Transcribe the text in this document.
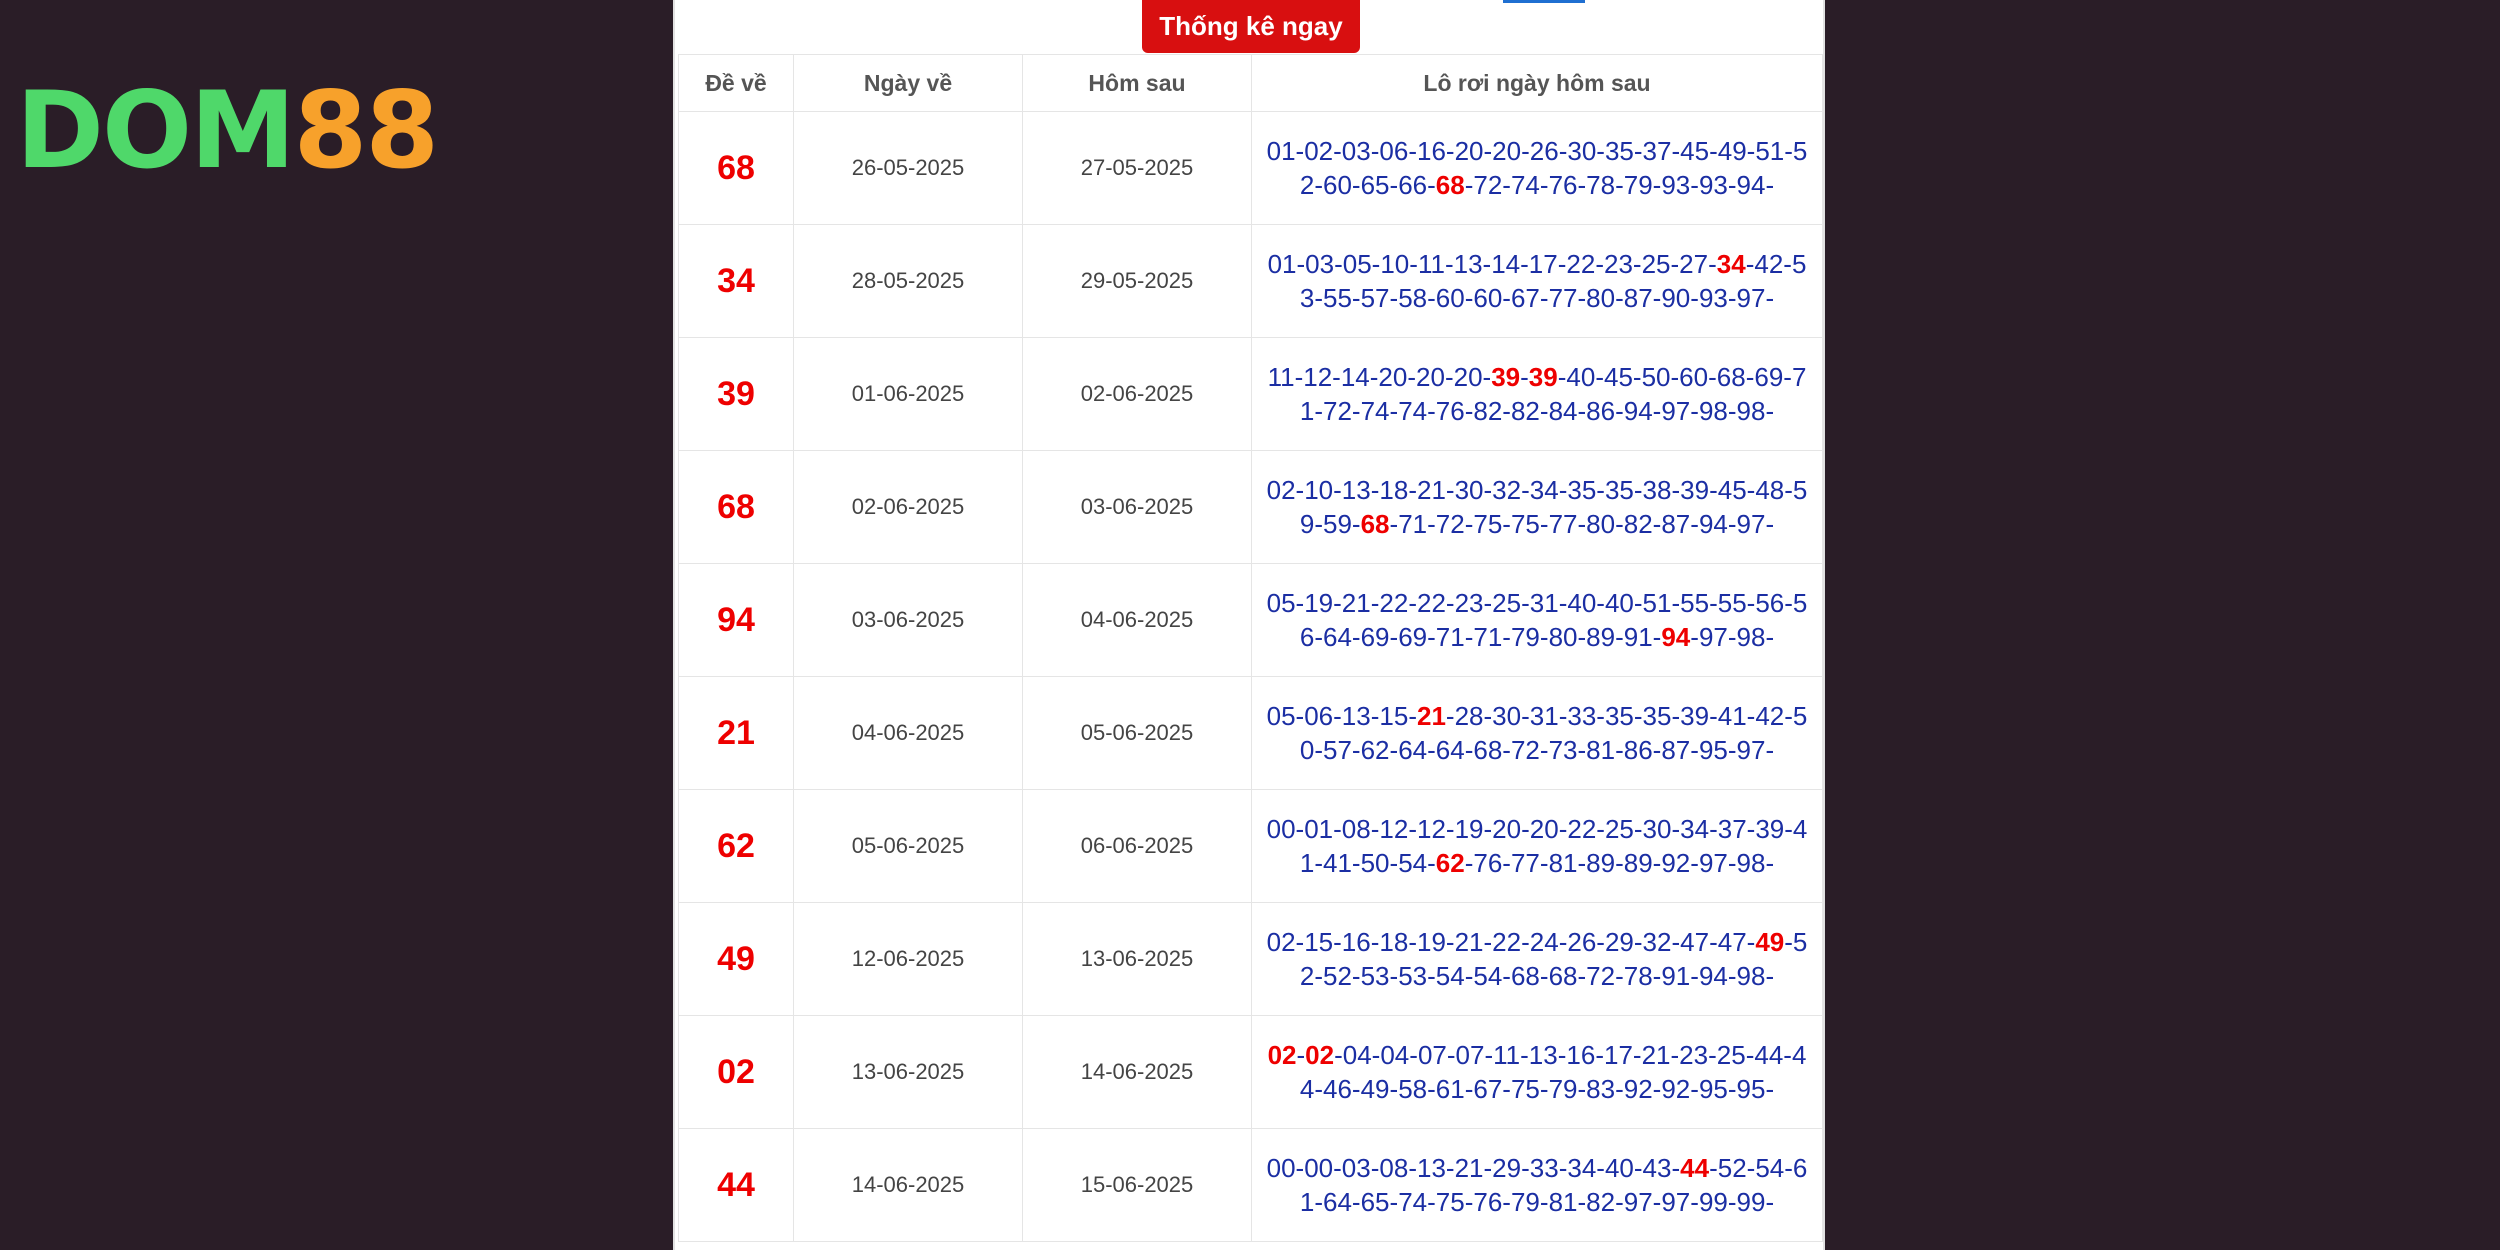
DOM88
Thống kê ngay
Đề về	Ngày về	Hôm sau	Lô rơi ngày hôm sau
68	26-05-2025	27-05-2025	01-02-03-06-16-20-20-26-30-35-37-45-49-51-52-60-65-66-68-72-74-76-78-79-93-93-94-
34	28-05-2025	29-05-2025	01-03-05-10-11-13-14-17-22-23-25-27-34-42-53-55-57-58-60-60-67-77-80-87-90-93-97-
39	01-06-2025	02-06-2025	11-12-14-20-20-20-39-39-40-45-50-60-68-69-71-72-74-74-76-82-82-84-86-94-97-98-98-
68	02-06-2025	03-06-2025	02-10-13-18-21-30-32-34-35-35-38-39-45-48-59-59-68-71-72-75-75-77-80-82-87-94-97-
94	03-06-2025	04-06-2025	05-19-21-22-22-23-25-31-40-40-51-55-55-56-56-64-69-69-71-71-79-80-89-91-94-97-98-
21	04-06-2025	05-06-2025	05-06-13-15-21-28-30-31-33-35-35-39-41-42-50-57-62-64-64-68-72-73-81-86-87-95-97-
62	05-06-2025	06-06-2025	00-01-08-12-12-19-20-20-22-25-30-34-37-39-41-41-50-54-62-76-77-81-89-89-92-97-98-
49	12-06-2025	13-06-2025	02-15-16-18-19-21-22-24-26-29-32-47-47-49-52-52-53-53-54-54-68-68-72-78-91-94-98-
02	13-06-2025	14-06-2025	02-02-04-04-07-07-11-13-16-17-21-23-25-44-44-46-49-58-61-67-75-79-83-92-92-95-95-
44	14-06-2025	15-06-2025	00-00-03-08-13-21-29-33-34-40-43-44-52-54-61-64-65-74-75-76-79-81-82-97-97-99-99-
